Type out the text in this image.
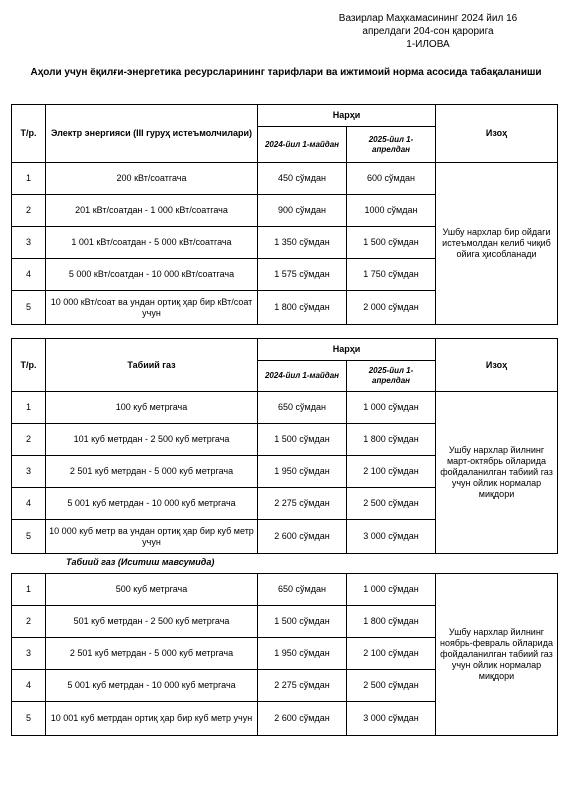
Вазирлар Маҳкамасининг 2024 йил 16
апрелдаги 204-сон қарорига
1-ИЛОВА
Аҳоли учун ёқилғи-энергетика ресурсларининг тарифлари ва ижтимоий норма асосида табақаланиши
Т/р.	Электр энергияси (III гуруҳ истеъмолчилари)	Нарҳи		Изоҳ
		2024-йил 1-майдан	2025-йил 1-апрелдан	
1	200 кВт/соатгача	450 сўмдан	600 сўмдан	Ушбу нархлар бир ойдаги истеъмолдан келиб чиқиб ойига ҳисобланади
2	201 кВт/соатдан - 1 000 кВт/соатгача	900 сўмдан	1000 сўмдан	
3	1 001 кВт/соатдан - 5 000 кВт/соатгача	1 350 сўмдан	1 500 сўмдан	
4	5 000 кВт/соатдан - 10 000 кВт/соатгача	1 575 сўмдан	1 750 сўмдан	
5	10 000 кВт/соат ва ундан ортиқ ҳар бир кВт/соат учун	1 800 сўмдан	2 000 сўмдан	
Т/р.	Табиий газ	Нарҳи		Изоҳ
		2024-йил 1-майдан	2025-йил 1-апрелдан	
1	100 куб метргача	650 сўмдан	1 000 сўмдан	Ушбу нархлар йилнинг март-октябрь ойларида фойдаланилган табиий газ учун ойлик нормалар миқдори
2	101 куб метрдан - 2 500 куб метргача	1 500 сўмдан	1 800 сўмдан	
3	2 501 куб метрдан - 5 000 куб метргача	1 950 сўмдан	2 100 сўмдан	
4	5 001 куб метрдан - 10 000 куб метргача	2 275 сўмдан	2 500 сўмдан	
5	10 000 куб метр ва ундан ортиқ ҳар бир куб метр учун	2 600 сўмдан	3 000 сўмдан	
Табиий газ (Иситиш мавсумида)
1	500 куб метргача	650 сўмдан	1 000 сўмдан	Ушбу нархлар йилнинг ноябрь-февраль ойларида фойдаланилган табиий газ учун ойлик нормалар миқдори
2	501 куб метрдан - 2 500 куб метргача	1 500 сўмдан	1 800 сўмдан	
3	2 501 куб метрдан - 5 000 куб метргача	1 950 сўмдан	2 100 сўмдан	
4	5 001 куб метрдан - 10 000 куб метргача	2 275 сўмдан	2 500 сўмдан	
5	10 001 куб метрдан ортиқ ҳар бир куб метр учун	2 600 сўмдан	3 000 сўмдан	
